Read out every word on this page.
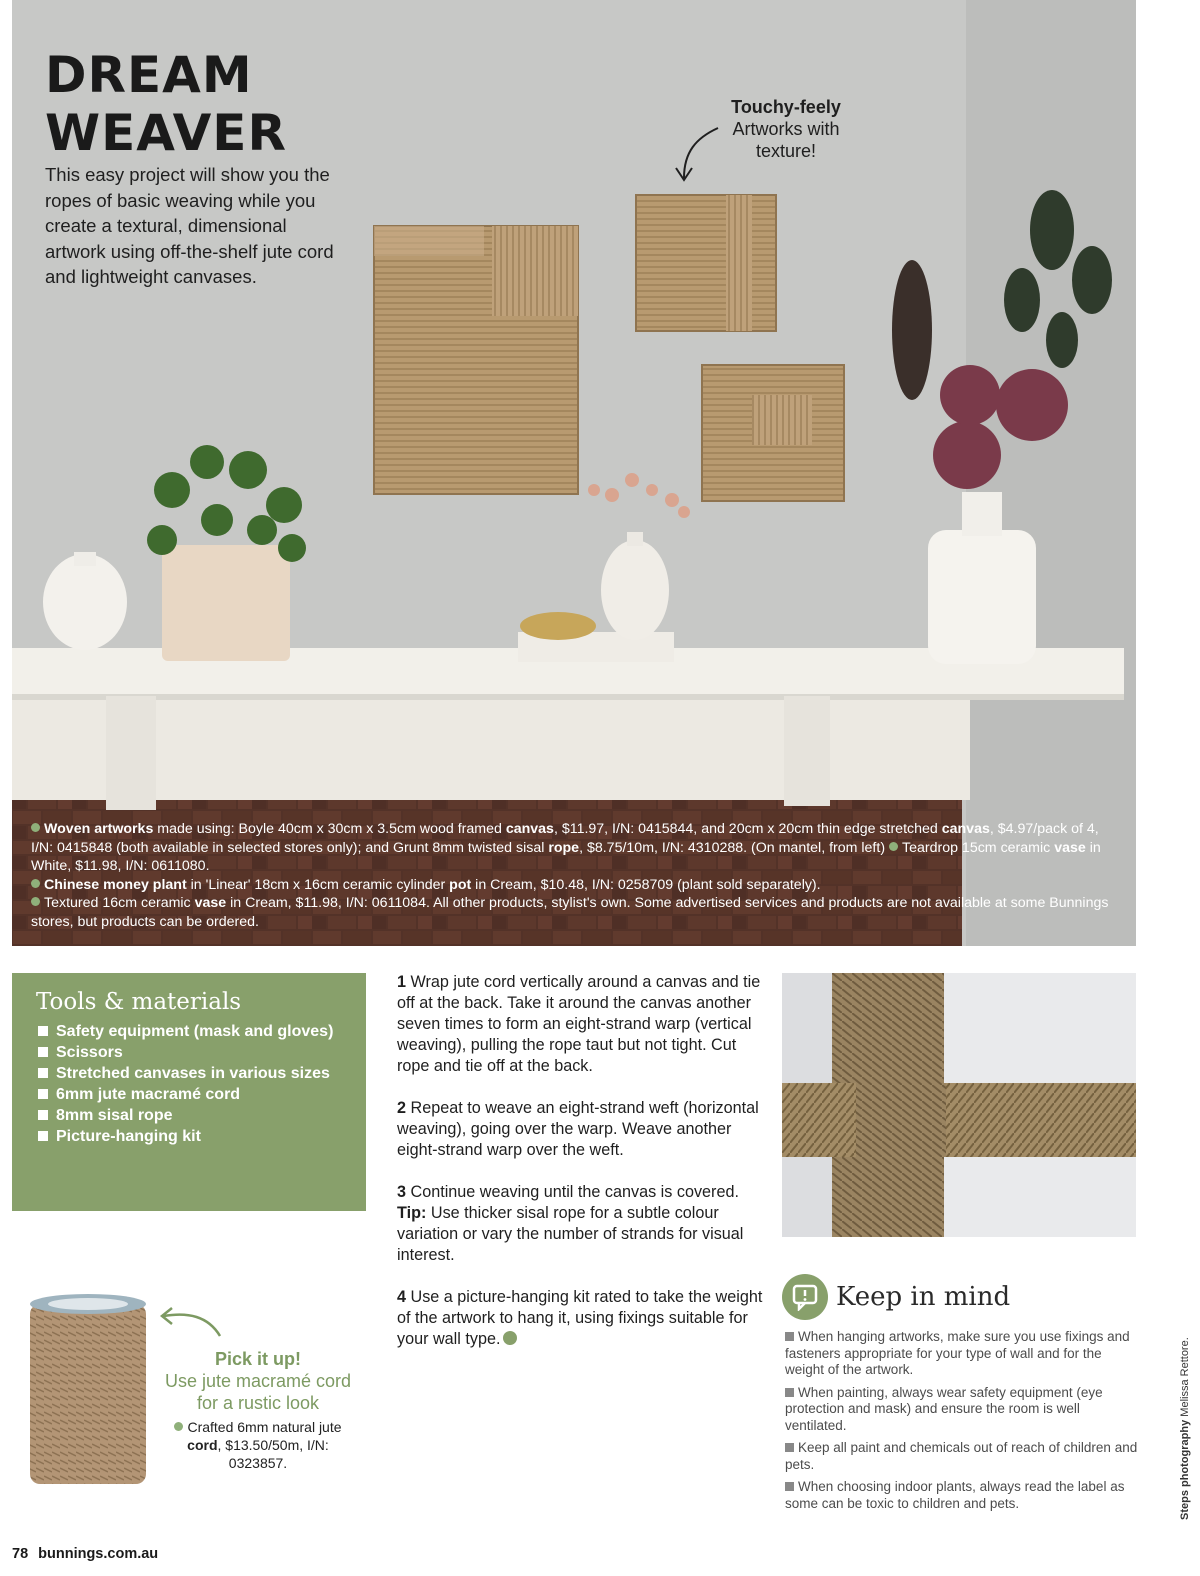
DREAM
WEAVER
This easy project will show you the ropes of basic weaving while you create a textural, dimensional artwork using off-the-shelf jute cord and lightweight canvases.
Touchy-feely
Artworks with texture!
Woven artworks made using: Boyle 40cm x 30cm x 3.5cm wood framed canvas, $11.97, I/N: 0415844, and 20cm x 20cm thin edge stretched canvas, $4.97/pack of 4, I/N: 0415848 (both available in selected stores only); and Grunt 8mm twisted sisal rope, $8.75/10m, I/N: 4310288. (On mantel, from left) Teardrop 15cm ceramic vase in White, $11.98, I/N: 0611080.
Chinese money plant in 'Linear' 18cm x 16cm ceramic cylinder pot in Cream, $10.48, I/N: 0258709 (plant sold separately).
Textured 16cm ceramic vase in Cream, $11.98, I/N: 0611084. All other products, stylist's own. Some advertised services and products are not available at some Bunnings stores, but products can be ordered.
Tools & materials
Safety equipment (mask and gloves)
Scissors
Stretched canvases in various sizes
6mm jute macramé cord
8mm sisal rope
Picture-hanging kit
Pick it up!
Use jute macramé cord for a rustic look
Crafted 6mm natural jute cord, $13.50/50m, I/N: 0323857.

1 Wrap jute cord vertically around a canvas and tie off at the back. Take it around the canvas another seven times to form an eight-strand warp (vertical weaving), pulling the rope taut but not tight. Cut rope and tie off at the back.

2 Repeat to weave an eight-strand weft (horizontal weaving), going over the warp. Weave another eight-strand warp over the weft.

3 Continue weaving until the canvas is covered. Tip: Use thicker sisal rope for a subtle colour variation or vary the number of strands for visual interest.

4 Use a picture-hanging kit rated to take the weight of the artwork to hang it, using fixings suitable for your wall type.

Keep in mind
When hanging artworks, make sure you use fixings and fasteners appropriate for your type of wall and for the weight of the artwork.
When painting, always wear safety equipment (eye protection and mask) and ensure the room is well ventilated.
Keep all paint and chemicals out of reach of children and pets.
When choosing indoor plants, always read the label as some can be toxic to children and pets.	Steps photography Melissa Rettore.
78 bunnings.com.au
